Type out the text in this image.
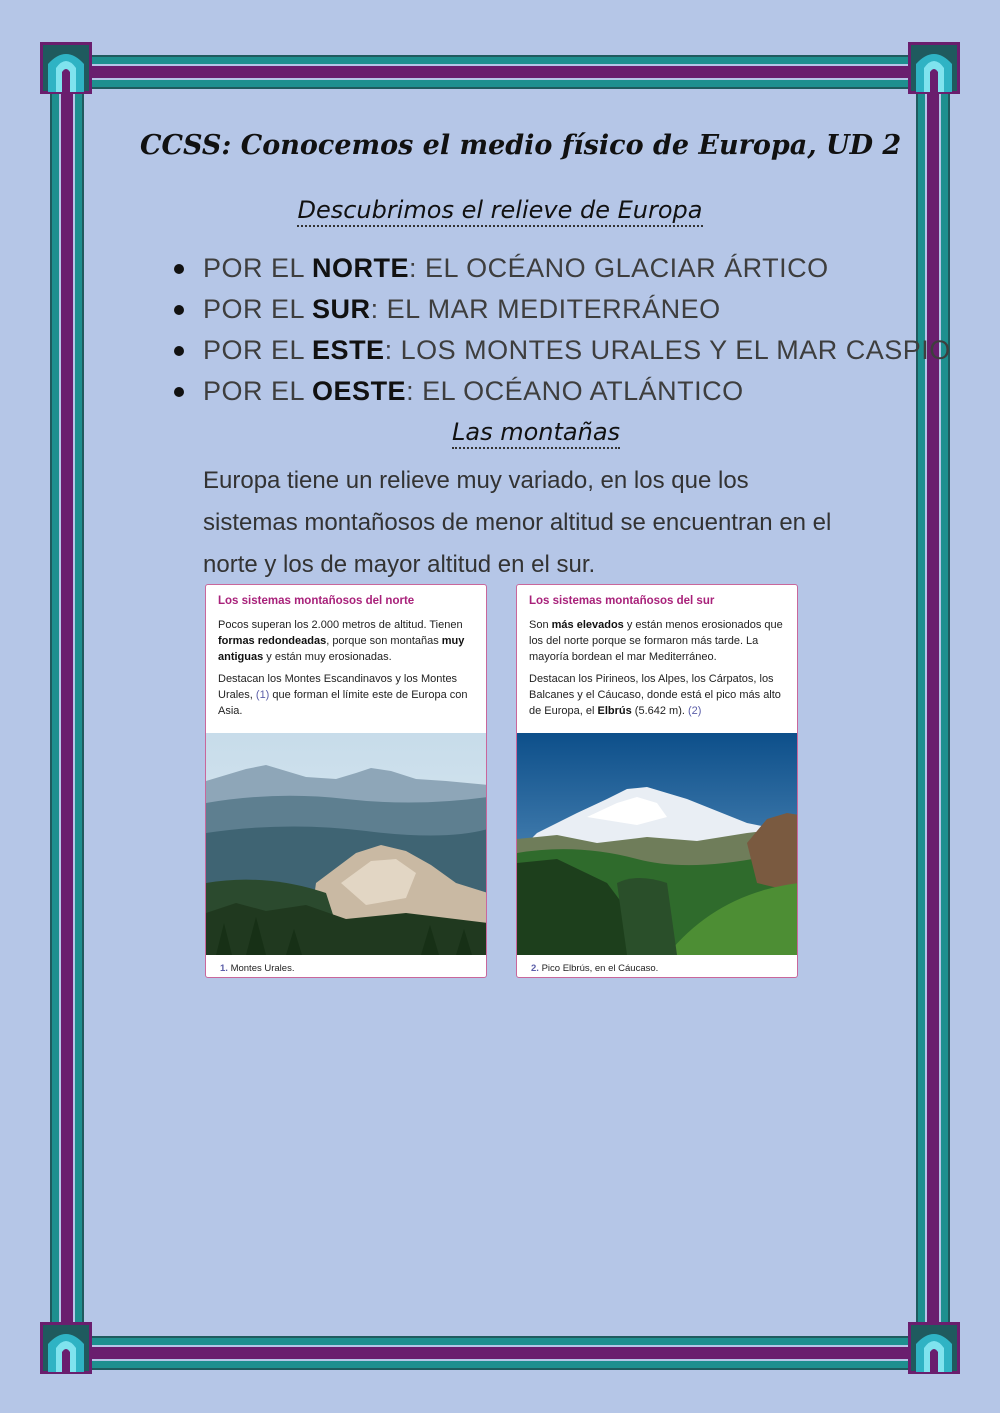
CCSS: Conocemos el medio físico de Europa, UD 2
Descubrimos el relieve de Europa
POR EL NORTE: EL OCÉANO GLACIAR ÁRTICO
POR EL SUR: EL MAR MEDITERRÁNEO
POR EL ESTE: LOS MONTES URALES Y EL MAR CASPIO
POR EL OESTE: EL OCÉANO ATLÁNTICO
Las montañas

Europa tiene un relieve muy variado, en los que los sistemas montañosos de menor altitud se encuentran en el norte y los de mayor altitud en el sur.

Los sistemas montañosos del norte

Pocos superan los 2.000 metros de altitud. Tienen formas redondeadas, porque son montañas muy antiguas y están muy erosionadas.

Destacan los Montes Escandinavos y los Montes Urales, (1) que forman el límite este de Europa con Asia.

1. Montes Urales.
Los sistemas montañosos del sur

Son más elevados y están menos erosionados que los del norte porque se formaron más tarde. La mayoría bordean el mar Mediterráneo.

Destacan los Pirineos, los Alpes, los Cárpatos, los Balcanes y el Cáucaso, donde está el pico más alto de Europa, el Elbrús (5.642 m). (2)

2. Pico Elbrús, en el Cáucaso.
